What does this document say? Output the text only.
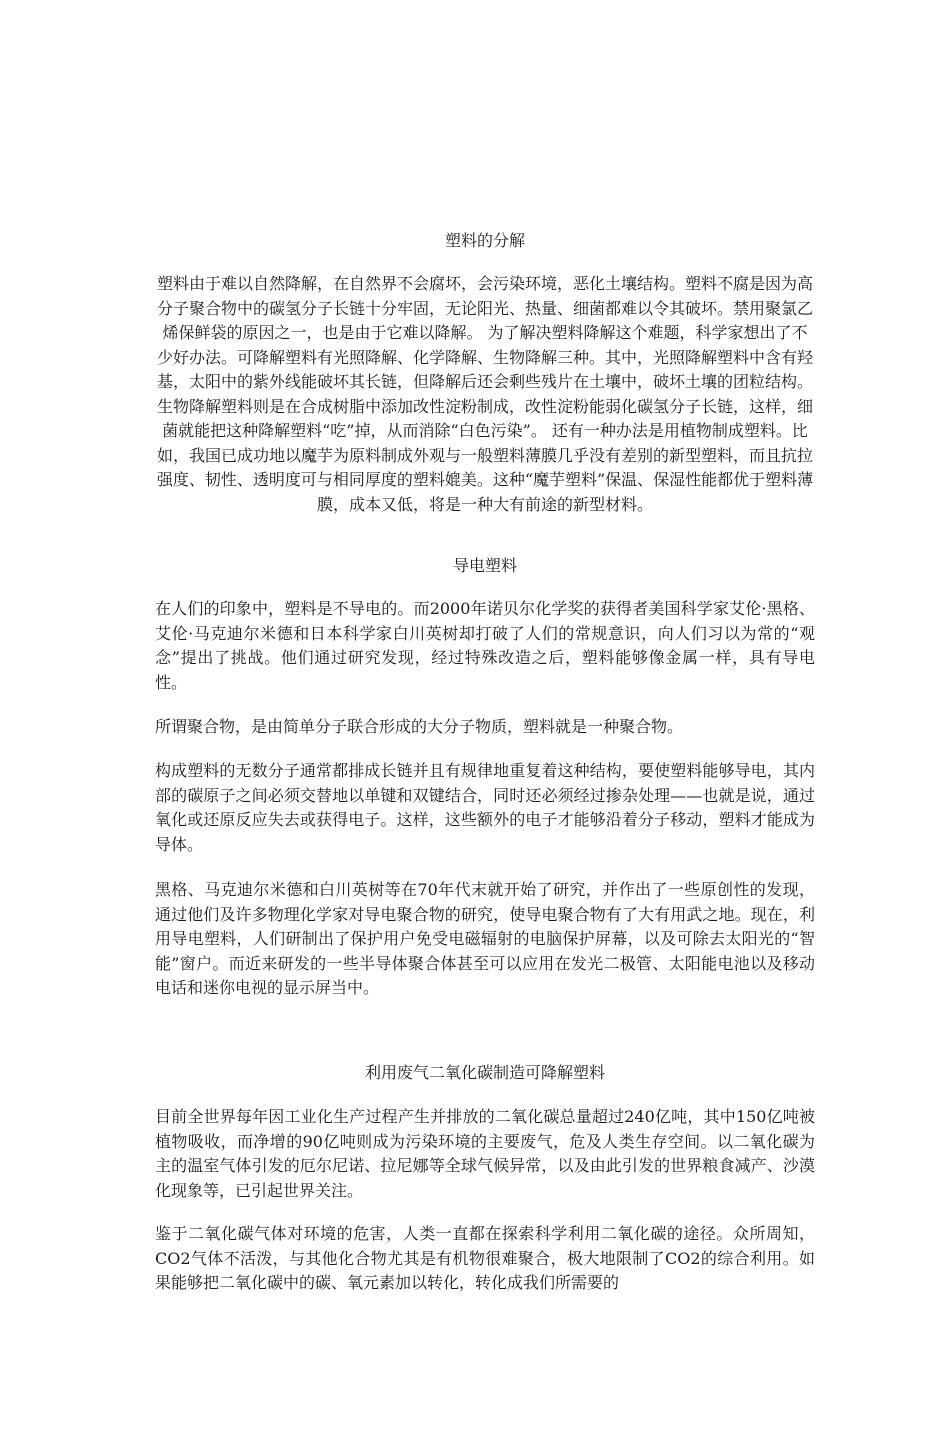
塑料的分解

塑料由于难以自然降解，在自然界不会腐坏，会污染环境，恶化土壤结构。塑料不腐是因为高分子聚合物中的碳氢分子长链十分牢固，无论阳光、热量、细菌都难以令其破坏。禁用聚氯乙烯保鲜袋的原因之一，也是由于它难以降解。 为了解决塑料降解这个难题，科学家想出了不少好办法。可降解塑料有光照降解、化学降解、生物降解三种。其中，光照降解塑料中含有羟基，太阳中的紫外线能破坏其长链，但降解后还会剩些残片在土壤中，破坏土壤的团粒结构。生物降解塑料则是在合成树脂中添加改性淀粉制成，改性淀粉能弱化碳氢分子长链，这样，细菌就能把这种降解塑料“吃”掉，从而消除“白色污染”。 还有一种办法是用植物制成塑料。比如，我国已成功地以魔芋为原料制成外观与一般塑料薄膜几乎没有差别的新型塑料，而且抗拉强度、韧性、透明度可与相同厚度的塑料媲美。这种“魔芋塑料”保温、保湿性能都优于塑料薄膜，成本又低，将是一种大有前途的新型材料。

导电塑料

在人们的印象中，塑料是不导电的。而2000年诺贝尔化学奖的获得者美国科学家艾伦·黑格、艾伦·马克迪尔米德和日本科学家白川英树却打破了人们的常规意识，向人们习以为常的“观念”提出了挑战。他们通过研究发现，经过特殊改造之后，塑料能够像金属一样，具有导电性。

所谓聚合物，是由简单分子联合形成的大分子物质，塑料就是一种聚合物。

构成塑料的无数分子通常都排成长链并且有规律地重复着这种结构，要使塑料能够导电，其内部的碳原子之间必须交替地以单键和双键结合，同时还必须经过掺杂处理——也就是说，通过氧化或还原反应失去或获得电子。这样，这些额外的电子才能够沿着分子移动，塑料才能成为导体。

黑格、马克迪尔米德和白川英树等在70年代末就开始了研究，并作出了一些原创性的发现，通过他们及许多物理化学家对导电聚合物的研究，使导电聚合物有了大有用武之地。现在，利用导电塑料，人们研制出了保护用户免受电磁辐射的电脑保护屏幕，以及可除去太阳光的“智能”窗户。而近来研发的一些半导体聚合体甚至可以应用在发光二极管、太阳能电池以及移动电话和迷你电视的显示屏当中。

利用废气二氧化碳制造可降解塑料

目前全世界每年因工业化生产过程产生并排放的二氧化碳总量超过240亿吨，其中150亿吨被植物吸收，而净增的90亿吨则成为污染环境的主要废气，危及人类生存空间。以二氧化碳为主的温室气体引发的厄尔尼诺、拉尼娜等全球气候异常，以及由此引发的世界粮食减产、沙漠化现象等，已引起世界关注。

鉴于二氧化碳气体对环境的危害，人类一直都在探索科学利用二氧化碳的途径。众所周知，CO2气体不活泼，与其他化合物尤其是有机物很难聚合，极大地限制了CO2的综合利用。如果能够把二氧化碳中的碳、氧元素加以转化，转化成我们所需要的
